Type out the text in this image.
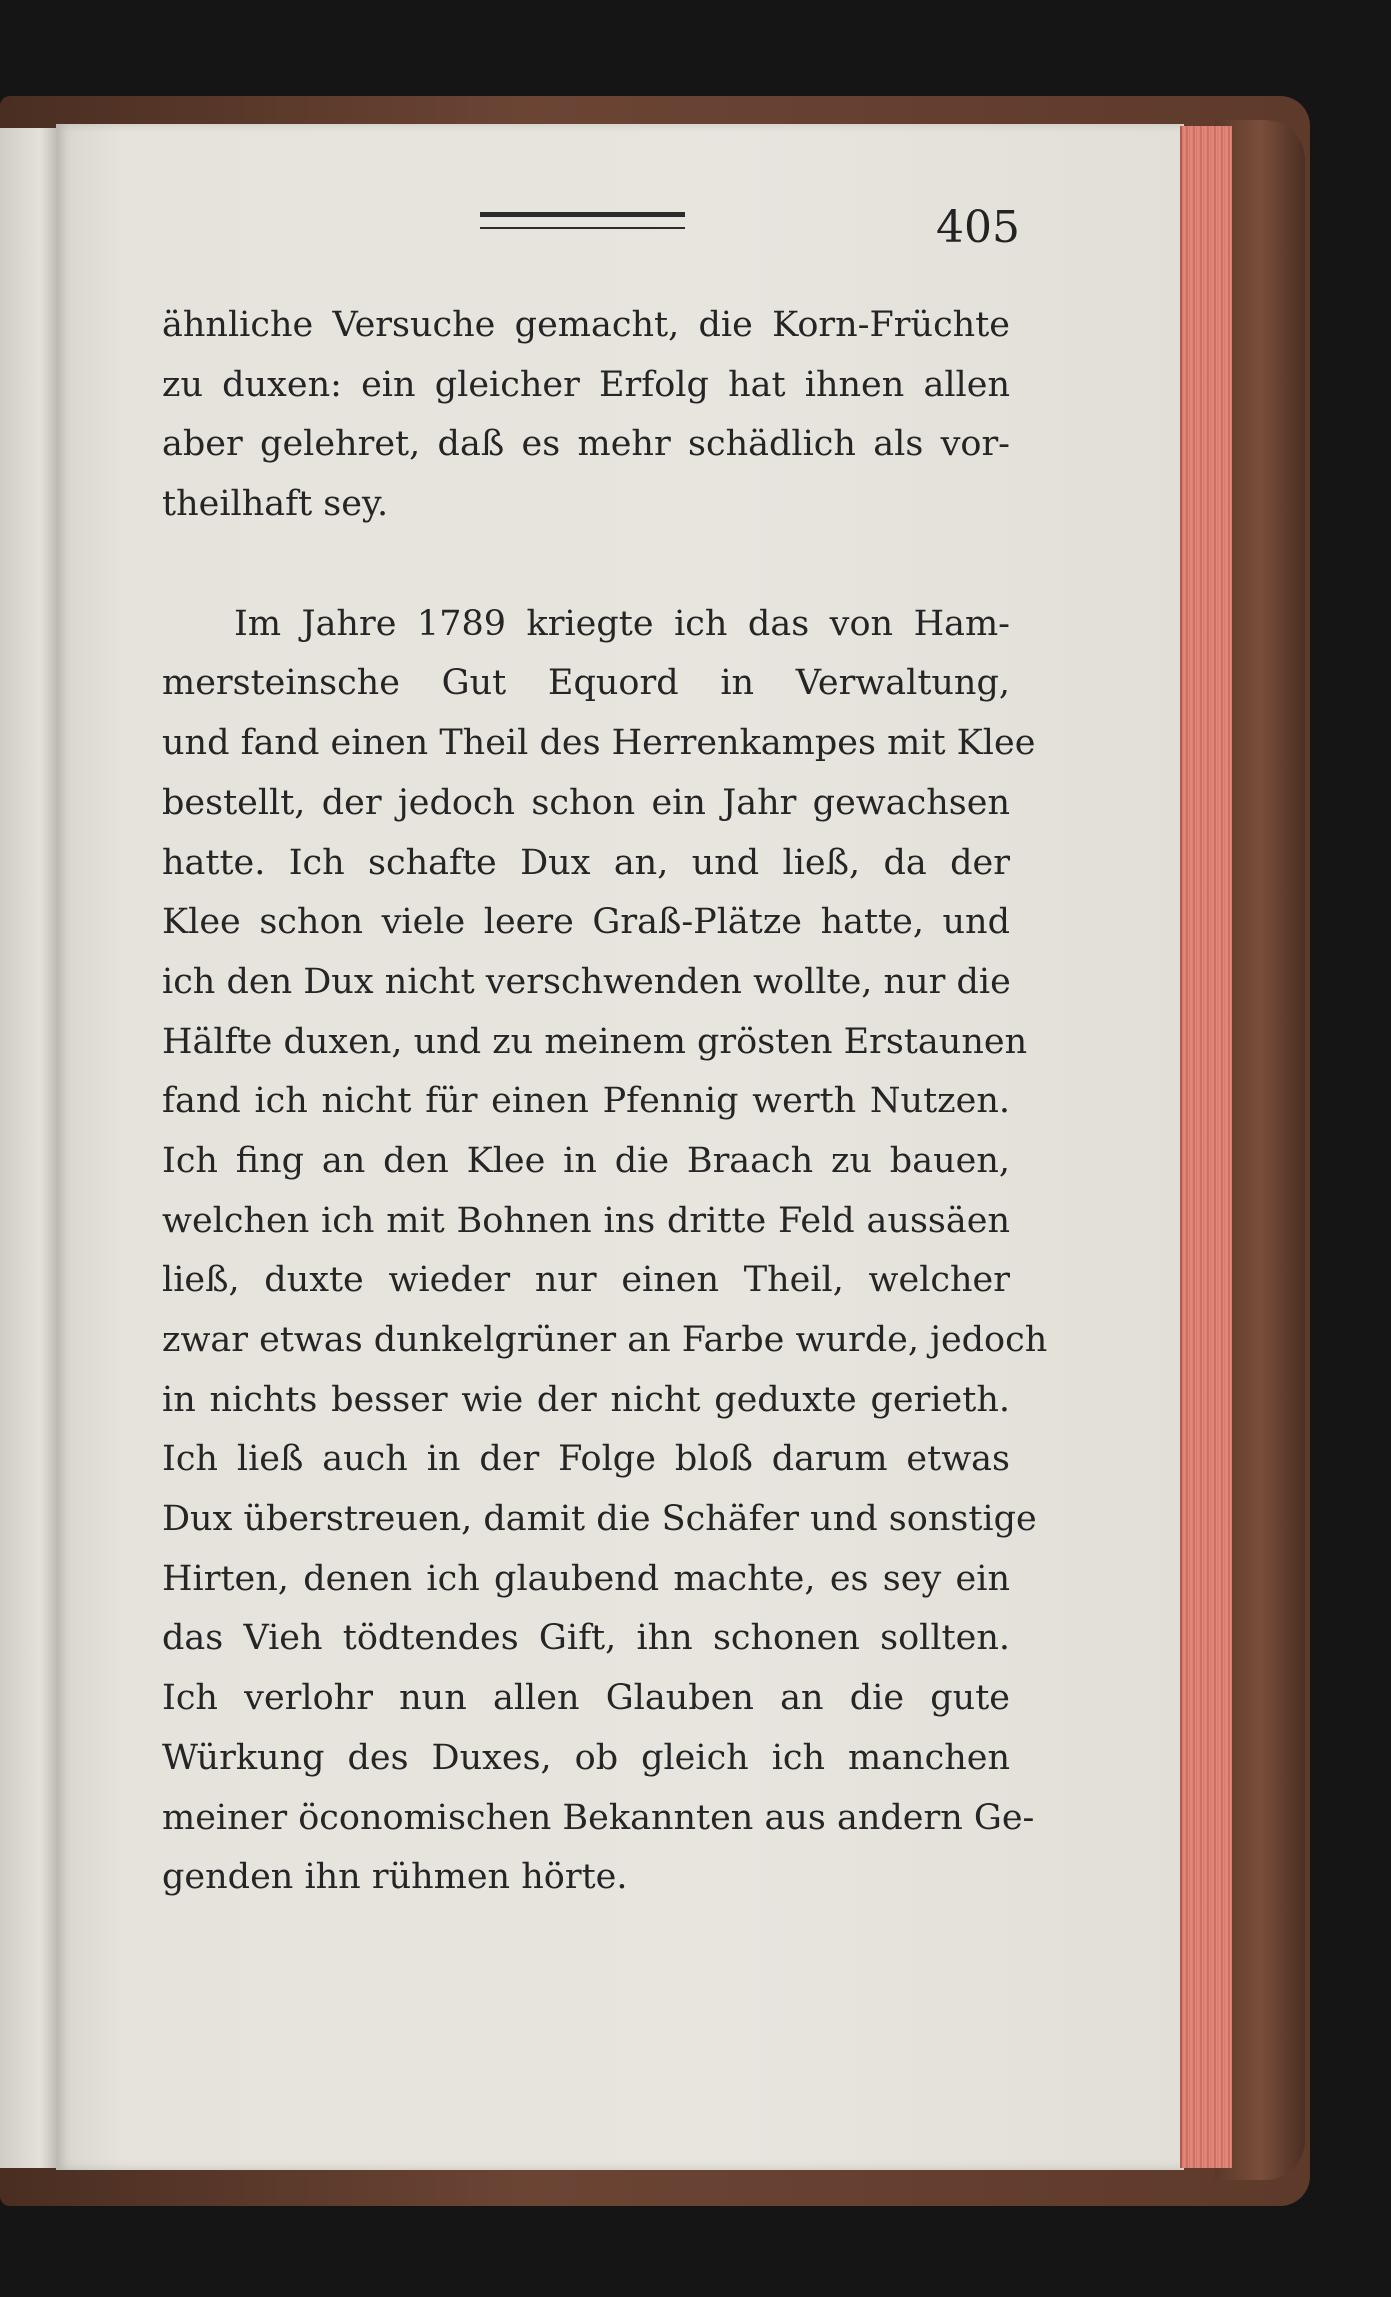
405
ähnliche Versuche gemacht, die Korn-Früchte
zu duxen: ein gleicher Erfolg hat ihnen allen
aber gelehret, daß es mehr schädlich als vor-
theilhaft sey.
Im Jahre 1789 kriegte ich das von Ham-
mersteinsche Gut Equord in Verwaltung,
und fand einen Theil des Herrenkampes mit Klee
bestellt, der jedoch schon ein Jahr gewachsen
hatte. Ich schafte Dux an, und ließ, da der
Klee schon viele leere Graß-Plätze hatte, und
ich den Dux nicht verschwenden wollte, nur die
Hälfte duxen, und zu meinem grösten Erstaunen
fand ich nicht für einen Pfennig werth Nutzen.
Ich fing an den Klee in die Braach zu bauen,
welchen ich mit Bohnen ins dritte Feld aussäen
ließ, duxte wieder nur einen Theil, welcher
zwar etwas dunkelgrüner an Farbe wurde, jedoch
in nichts besser wie der nicht geduxte gerieth.
Ich ließ auch in der Folge bloß darum etwas
Dux überstreuen, damit die Schäfer und sonstige
Hirten, denen ich glaubend machte, es sey ein
das Vieh tödtendes Gift, ihn schonen sollten.
Ich verlohr nun allen Glauben an die gute
Würkung des Duxes, ob gleich ich manchen
meiner öconomischen Bekannten aus andern Ge-
genden ihn rühmen hörte.
